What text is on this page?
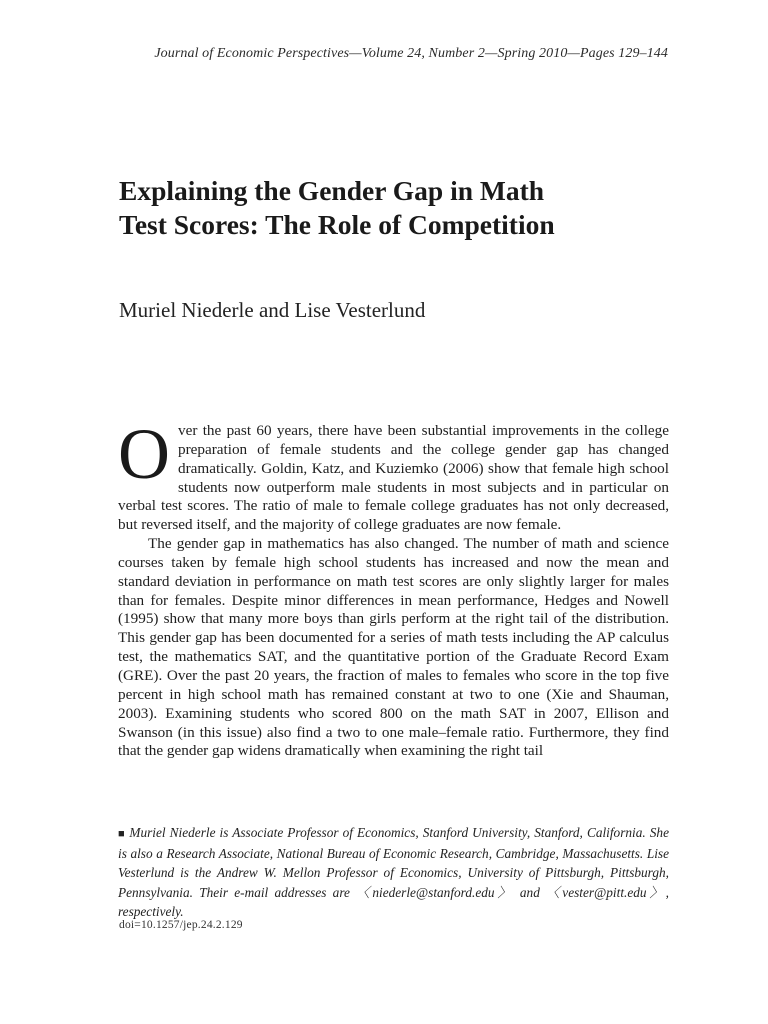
Journal of Economic Perspectives—Volume 24, Number 2—Spring 2010—Pages 129–144
Explaining the Gender Gap in Math
Test Scores: The Role of Competition
Muriel Niederle and Lise Vesterlund

Over the past 60 years, there have been substantial improvements in the college preparation of female students and the college gender gap has changed dramatically. Goldin, Katz, and Kuziemko (2006) show that female high school students now outperform male students in most subjects and in particular on verbal test scores. The ratio of male to female college graduates has not only decreased, but reversed itself, and the majority of college graduates are now female.

The gender gap in mathematics has also changed. The number of math and science courses taken by female high school students has increased and now the mean and standard deviation in performance on math test scores are only slightly larger for males than for females. Despite minor differences in mean performance, Hedges and Nowell (1995) show that many more boys than girls perform at the right tail of the distribution. This gender gap has been documented for a series of math tests including the AP calculus test, the mathematics SAT, and the quantitative portion of the Graduate Record Exam (GRE). Over the past 20 years, the fraction of males to females who score in the top five percent in high school math has remained constant at two to one (Xie and Shauman, 2003). Examining students who scored 800 on the math SAT in 2007, Ellison and Swanson (in this issue) also find a two to one male–female ratio. Furthermore, they find that the gender gap widens dramatically when examining the right tail

■ Muriel Niederle is Associate Professor of Economics, Stanford University, Stanford, California. She is also a Research Associate, National Bureau of Economic Research, Cambridge, Massachusetts. Lise Vesterlund is the Andrew W. Mellon Professor of Economics, University of Pittsburgh, Pittsburgh, Pennsylvania. Their e-mail addresses are 〈niederle@stanford.edu〉 and 〈vester@pitt.edu〉, respectively.
doi=10.1257/jep.24.2.129
